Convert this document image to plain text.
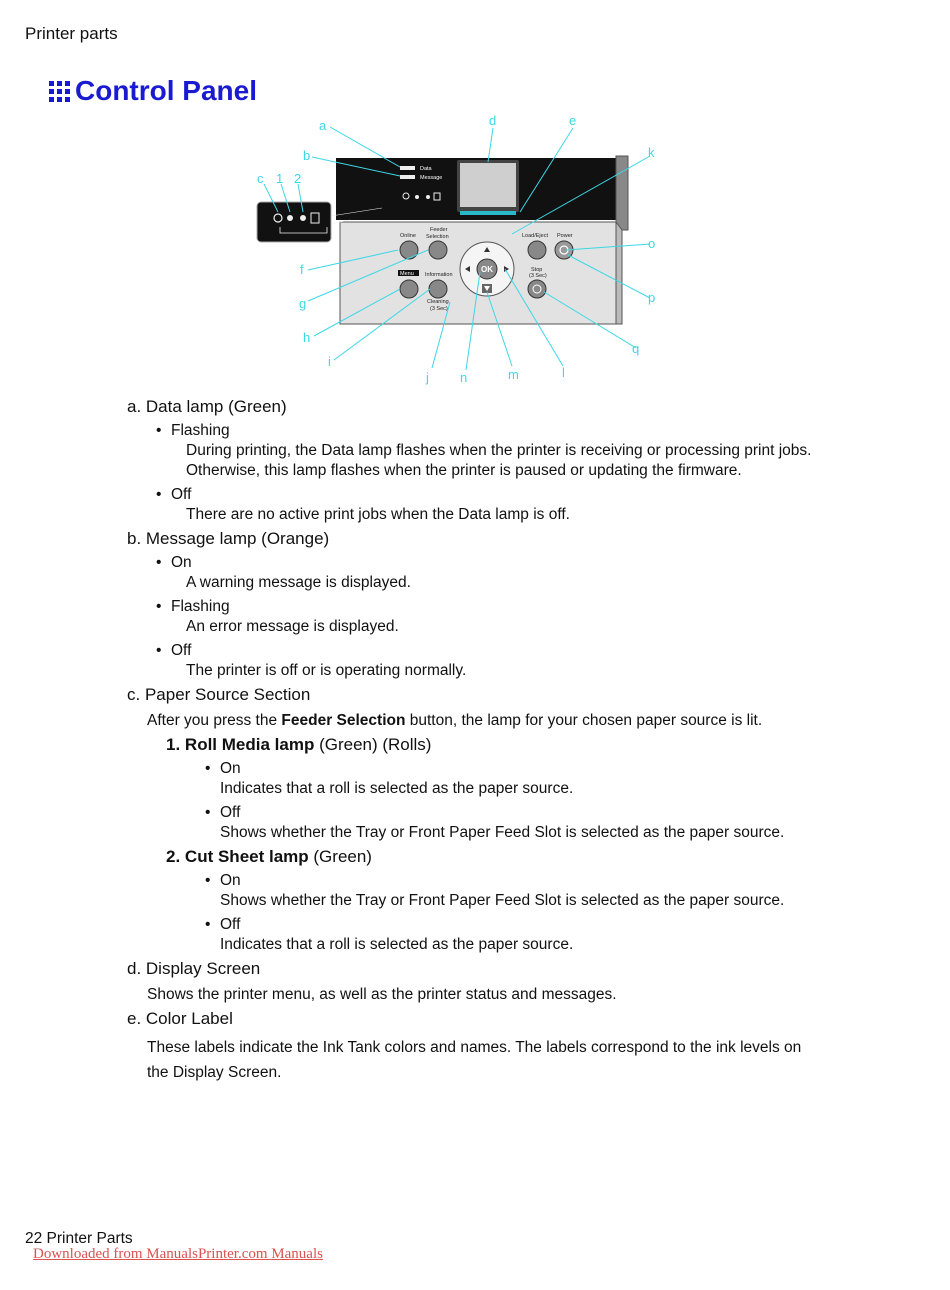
Printer parts
Control Panel
Data
Message
Online
Feeder
Selection
Menu Information
Cleaning
(3 Sec)
Load/Eject Power
Stop
(3 Sec)
OK
a
b
c 1 2
d	e
k
o
f
g
h
i
j n	m	l
p
q
a. Data lamp (Green)
• Flashing
During printing, the Data lamp flashes when the printer is receiving or processing print jobs.
Otherwise, this lamp flashes when the printer is paused or updating the firmware.
• Off
There are no active print jobs when the Data lamp is off.
b. Message lamp (Orange)
• On
A warning message is displayed.
• Flashing
An error message is displayed.
• Off
The printer is off or is operating normally.
c. Paper Source Section
After you press the Feeder Selection button, the lamp for your chosen paper source is lit.
1. Roll Media lamp (Green) (Rolls)
• On
Indicates that a roll is selected as the paper source.
• Off
Shows whether the Tray or Front Paper Feed Slot is selected as the paper source.
2. Cut Sheet lamp (Green)
• On
Shows whether the Tray or Front Paper Feed Slot is selected as the paper source.
• Off
Indicates that a roll is selected as the paper source.
d. Display Screen
Shows the printer menu, as well as the printer status and messages.
e. Color Label
These labels indicate the Ink Tank colors and names. The labels correspond to the ink levels on
the Display Screen.
22 Printer Parts
Downloaded from ManualsPrinter.com Manuals
